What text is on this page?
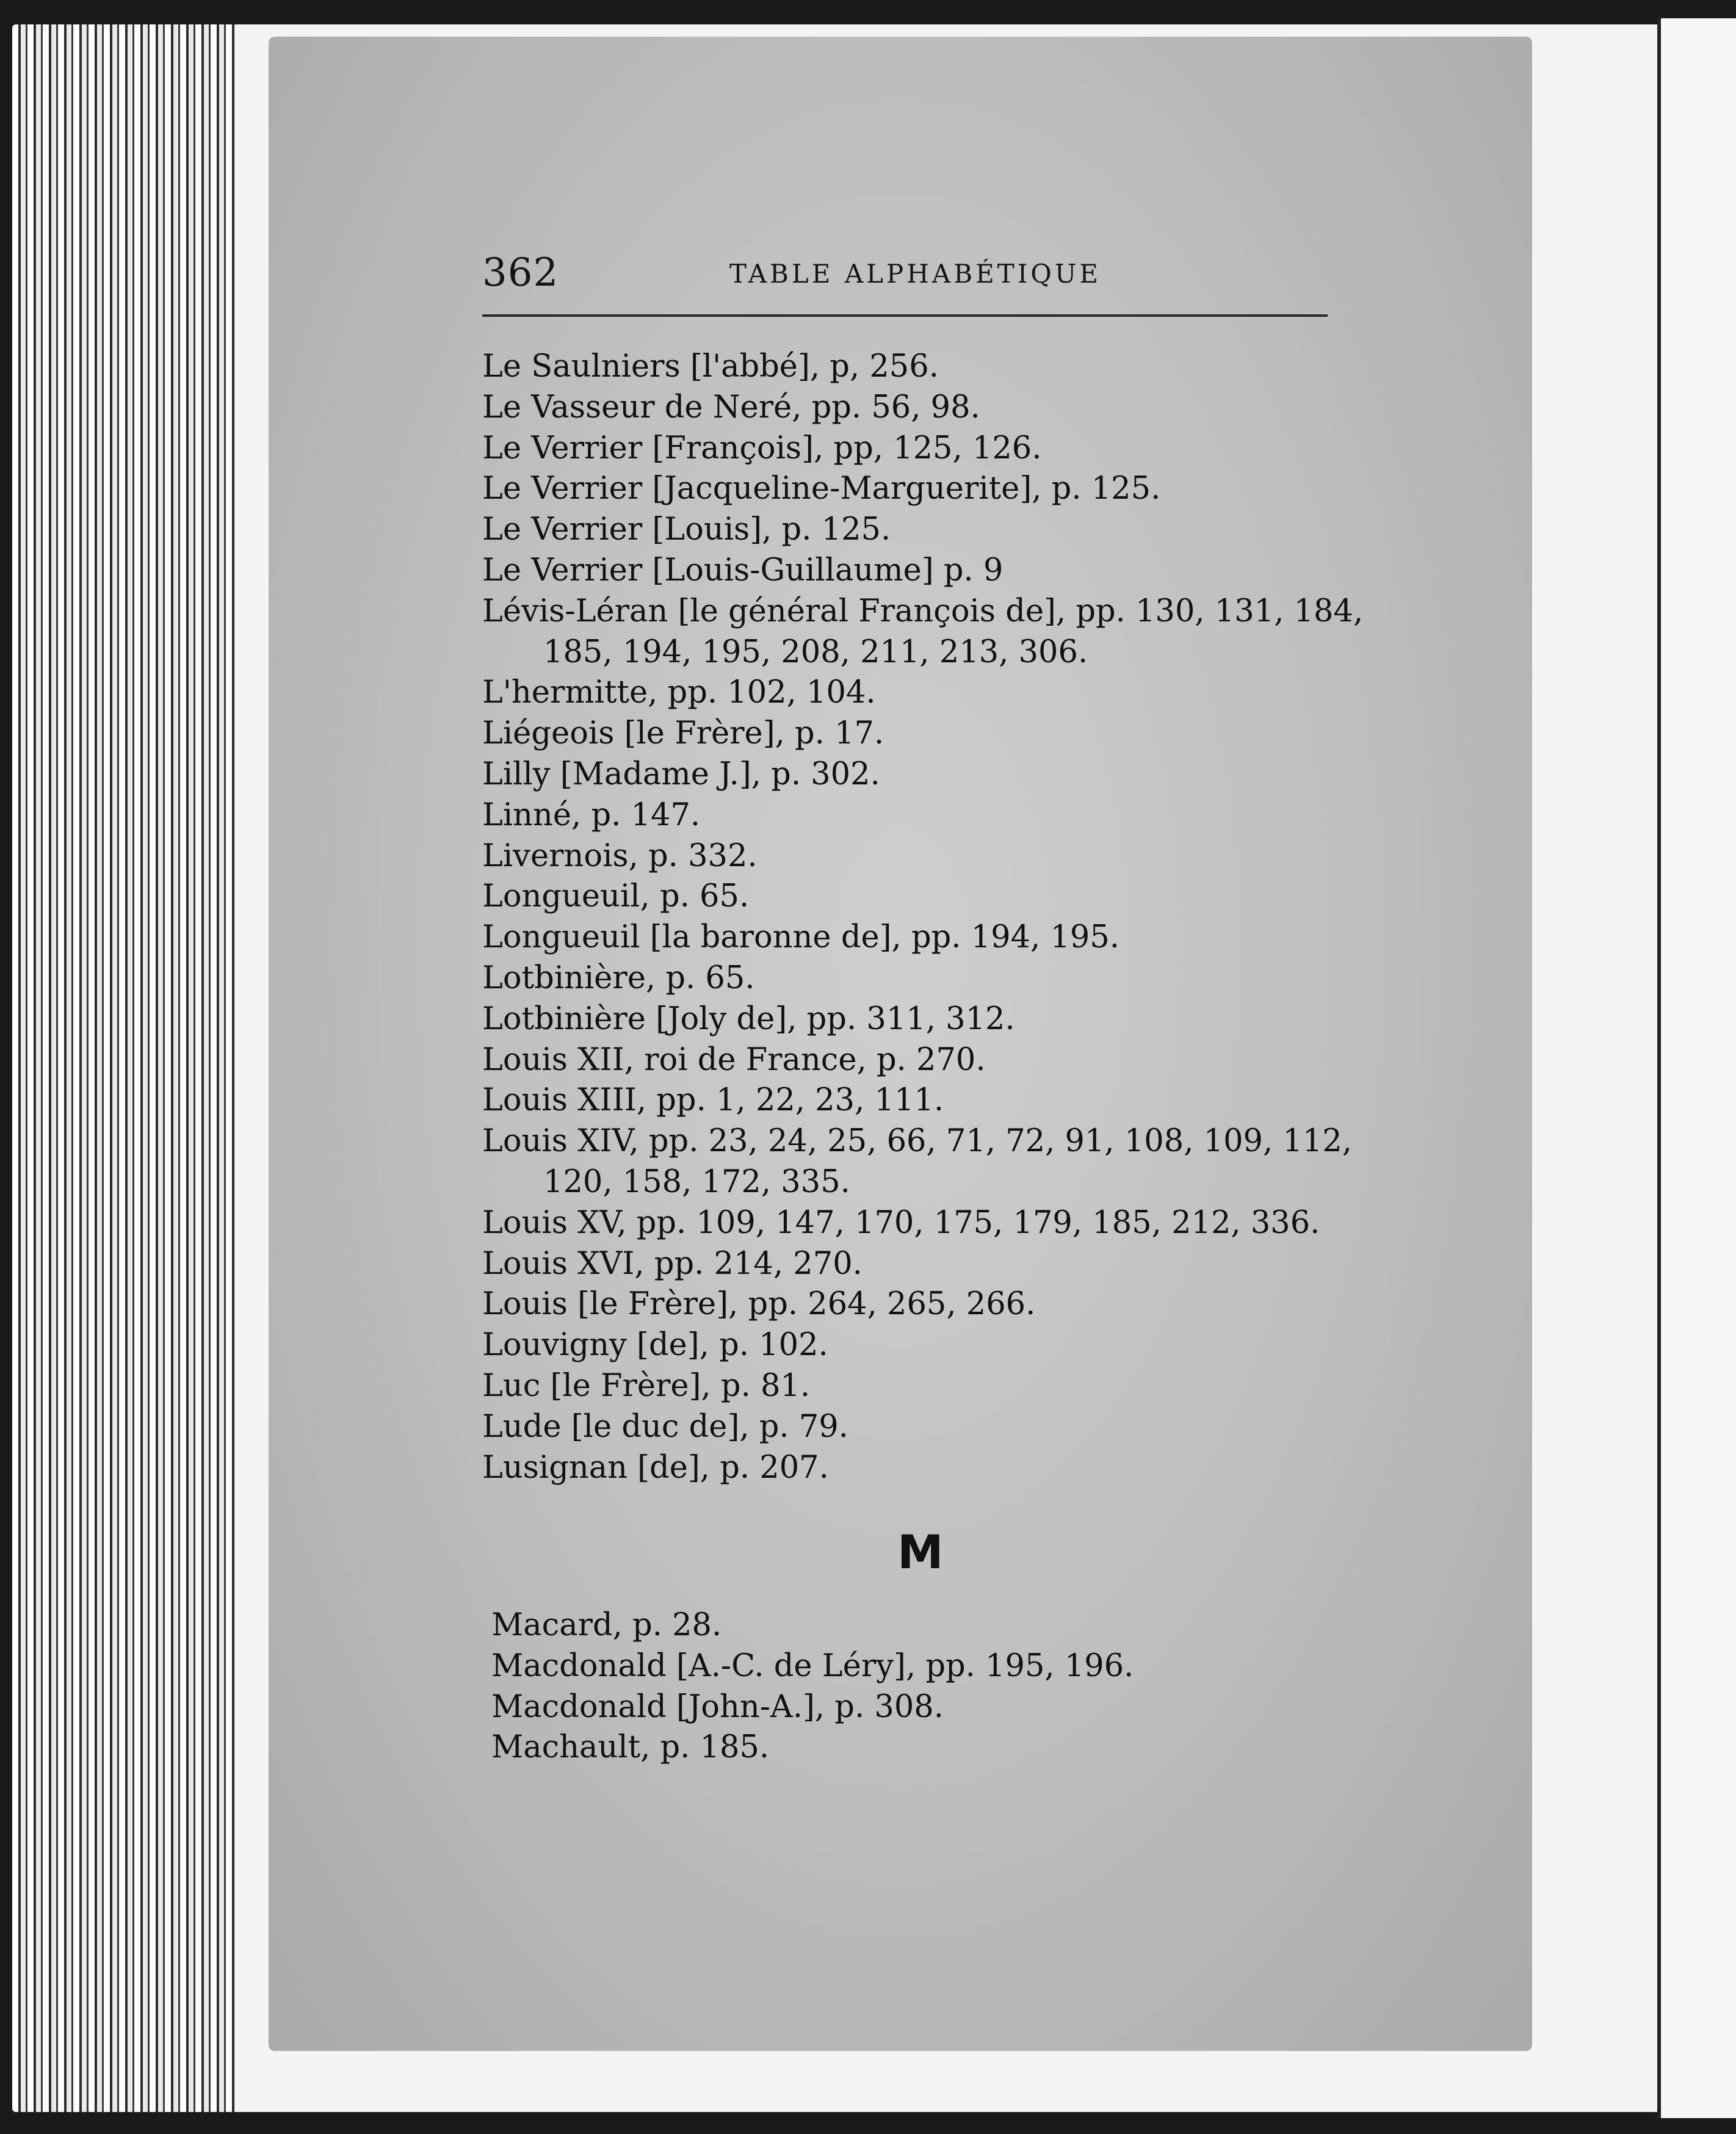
362	TABLE ALPHABÉTIQUE
Le Saulniers [l'abbé], p, 256.
Le Vasseur de Neré, pp. 56, 98.
Le Verrier [François], pp, 125, 126.
Le Verrier [Jacqueline-Marguerite], p. 125.
Le Verrier [Louis], p. 125.
Le Verrier [Louis-Guillaume] p. 9
Lévis-Léran [le général François de], pp. 130, 131, 184,
185, 194, 195, 208, 211, 213, 306.
L'hermitte, pp. 102, 104.
Liégeois [le Frère], p. 17.
Lilly [Madame J.], p. 302.
Linné, p. 147.
Livernois, p. 332.
Longueuil, p. 65.
Longueuil [la baronne de], pp. 194, 195.
Lotbinière, p. 65.
Lotbinière [Joly de], pp. 311, 312.
Louis XII, roi de France, p. 270.
Louis XIII, pp. 1, 22, 23, 111.
Louis XIV, pp. 23, 24, 25, 66, 71, 72, 91, 108, 109, 112,
120, 158, 172, 335.
Louis XV, pp. 109, 147, 170, 175, 179, 185, 212, 336.
Louis XVI, pp. 214, 270.
Louis [le Frère], pp. 264, 265, 266.
Louvigny [de], p. 102.
Luc [le Frère], p. 81.
Lude [le duc de], p. 79.
Lusignan [de], p. 207.
M
Macard, p. 28.
Macdonald [A.-C. de Léry], pp. 195, 196.
Macdonald [John-A.], p. 308.
Machault, p. 185.
